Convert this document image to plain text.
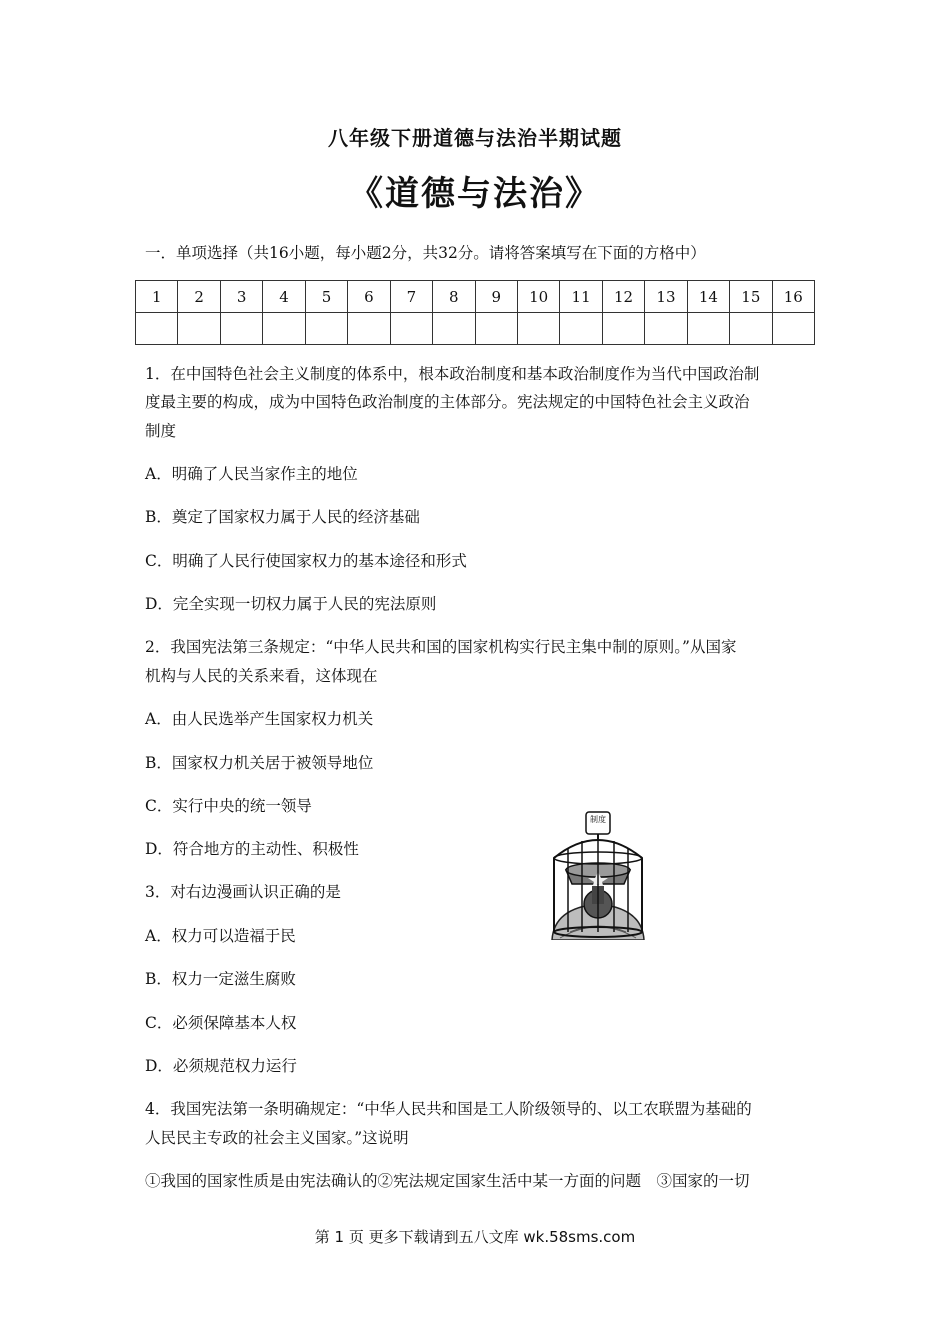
八年级下册道德与法治半期试题
《道德与法治》
一．单项选择（共16小题，每小题2分，共32分。请将答案填写在下面的方格中）
1	2	3	4	5	6	7	8	9	10	11	12	13	14	15	16

1．在中国特色社会主义制度的体系中，根本政治制度和基本政治制度作为当代中国政治制
度最主要的构成，成为中国特色政治制度的主体部分。宪法规定的中国特色社会主义政治
制度
A．明确了人民当家作主的地位
B．奠定了国家权力属于人民的经济基础
C．明确了人民行使国家权力的基本途径和形式
D．完全实现一切权力属于人民的宪法原则
2．我国宪法第三条规定：“中华人民共和国的国家机构实行民主集中制的原则。”从国家
机构与人民的关系来看，这体现在
A．由人民选举产生国家权力机关
B．国家权力机关居于被领导地位
C．实行中央的统一领导
D．符合地方的主动性、积极性
3．对右边漫画认识正确的是
A．权力可以造福于民
B．权力一定滋生腐败
C．必须保障基本人权
D．必须规范权力运行
制度
4．我国宪法第一条明确规定：“中华人民共和国是工人阶级领导的、以工农联盟为基础的
人民民主专政的社会主义国家。”这说明
①我国的国家性质是由宪法确认的②宪法规定国家生活中某一方面的问题　③国家的一切
第 1 页 更多下载请到五八文库 wk.58sms.com
